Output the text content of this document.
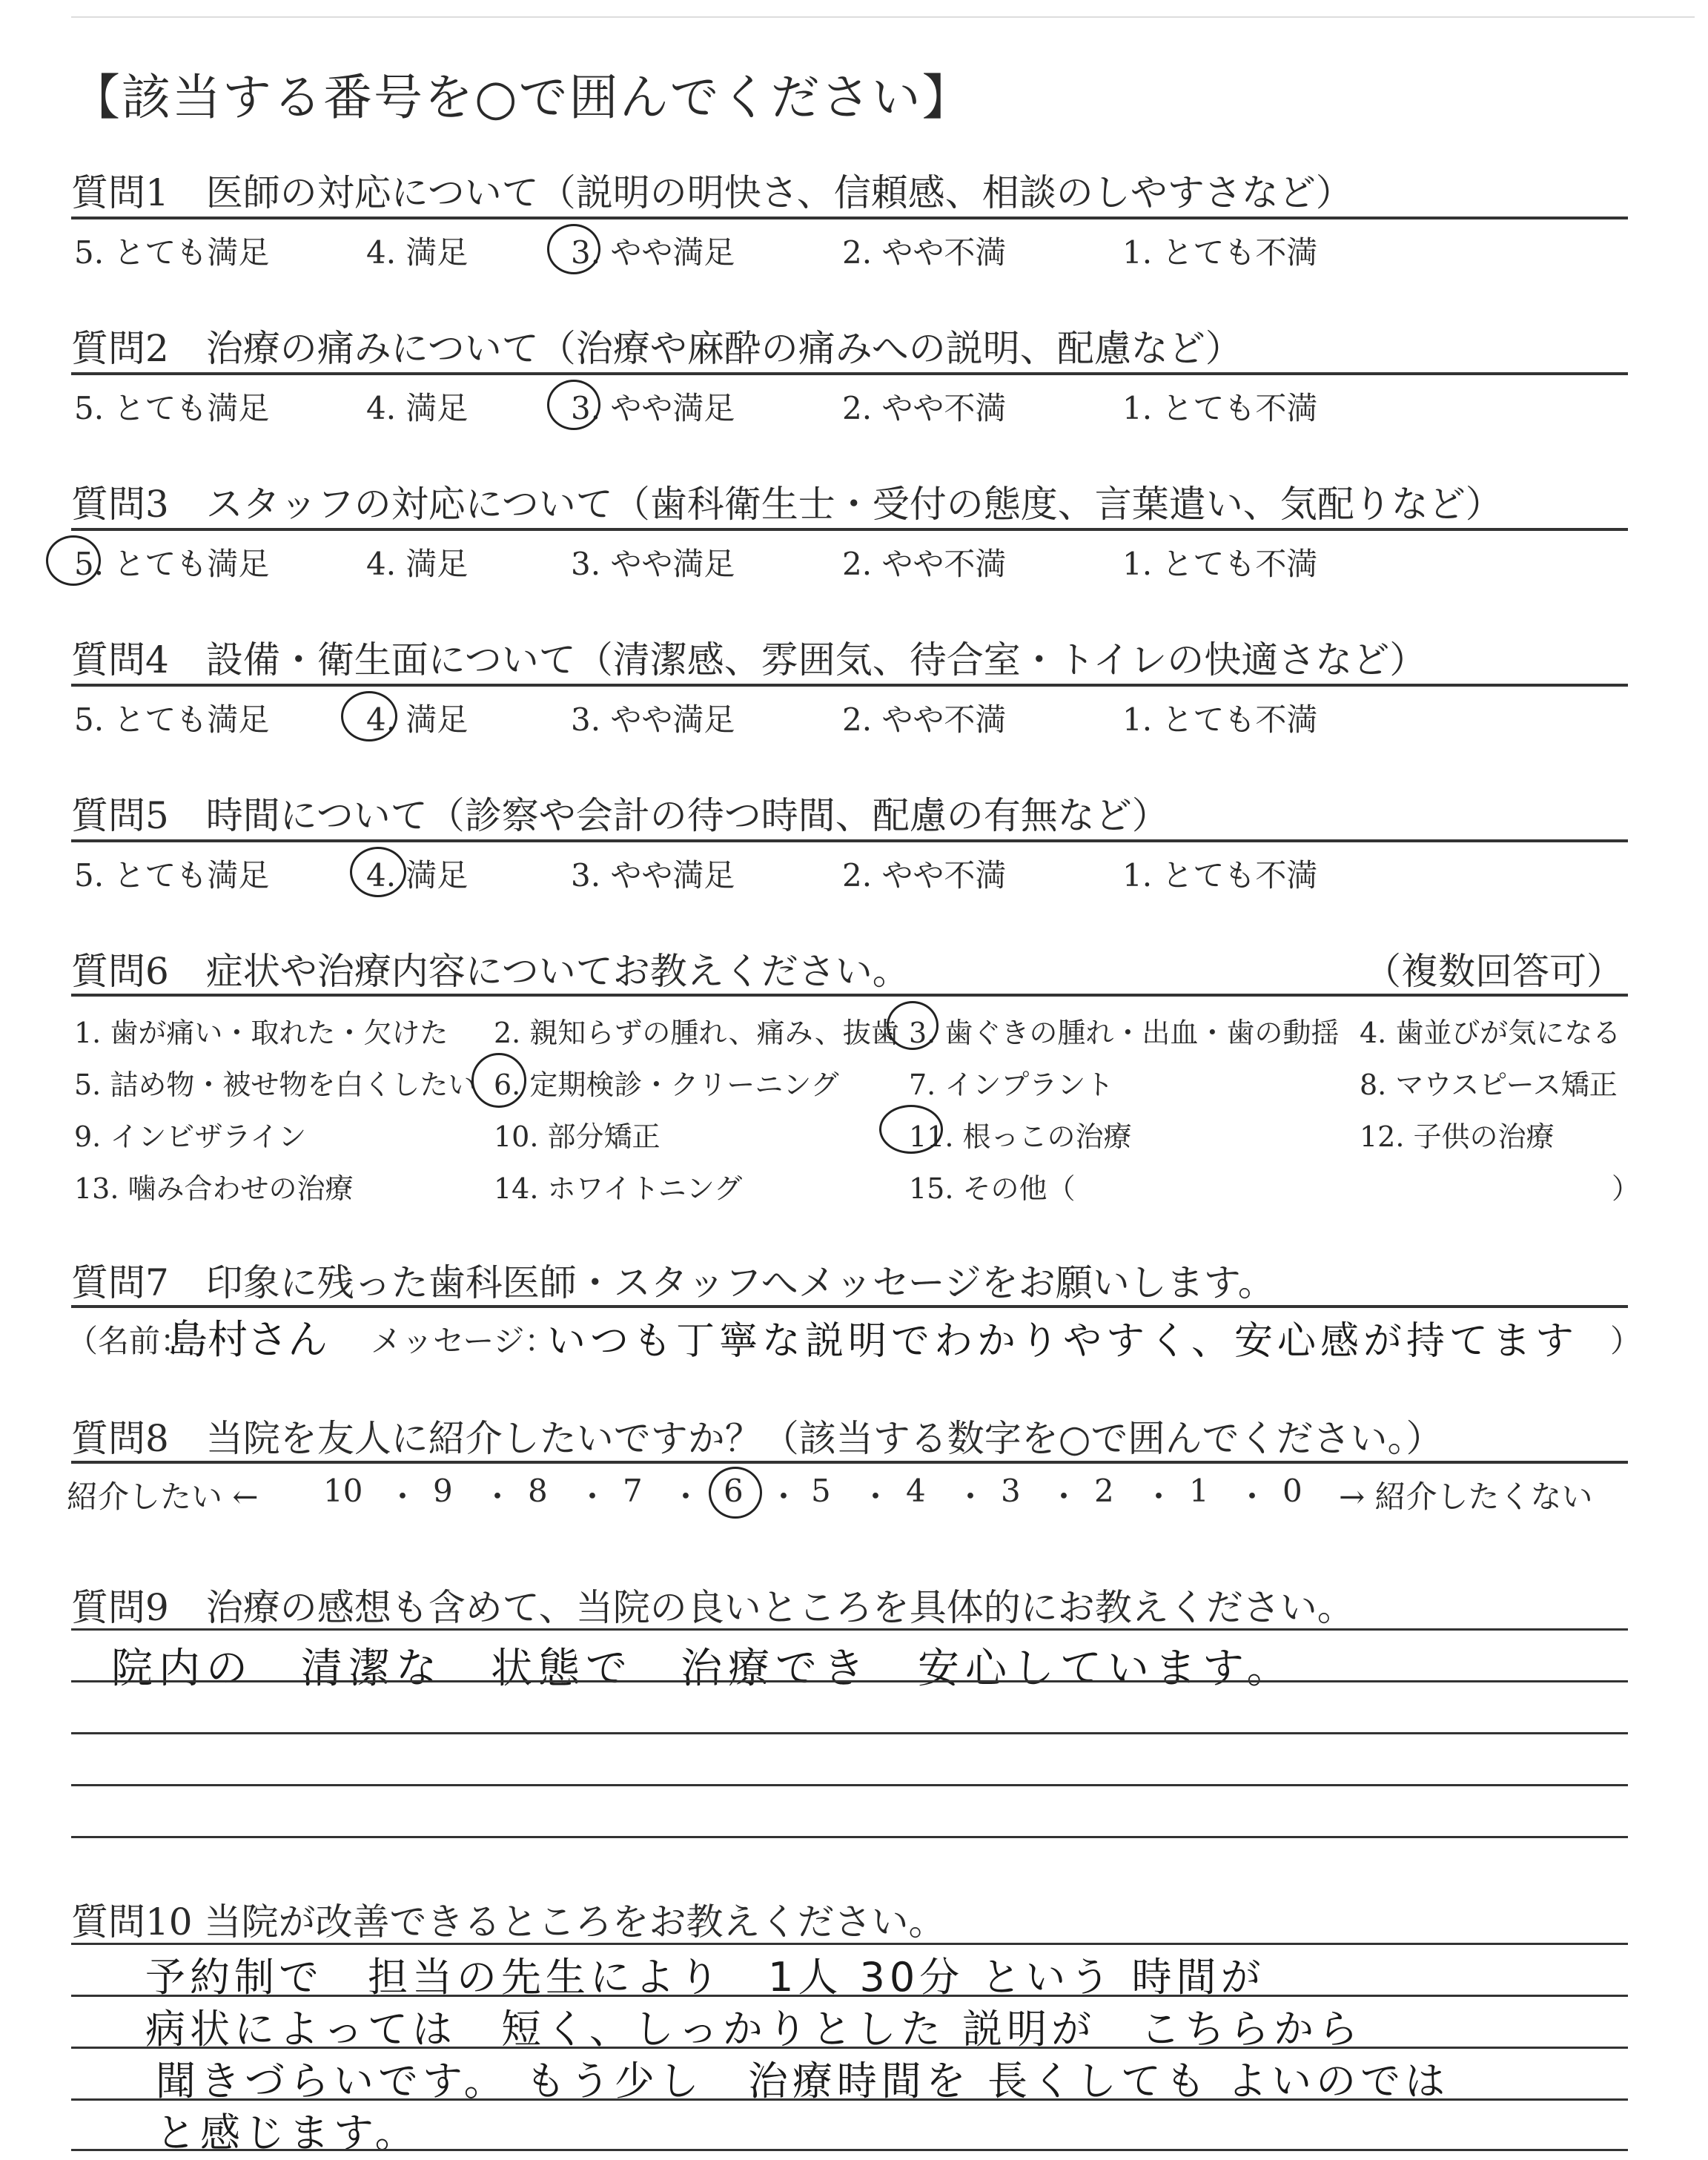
【該当する番号を○で囲んでください】
質問1　医師の対応について（説明の明快さ、信頼感、相談のしやすさなど）
5. とても満足	4. 満足	3. やや満足	2. やや不満	1. とても不満
質問2　治療の痛みについて（治療や麻酔の痛みへの説明、配慮など）
5. とても満足	4. 満足	3. やや満足	2. やや不満	1. とても不満
質問3　スタッフの対応について（歯科衛生士・受付の態度、言葉遣い、気配りなど）
5. とても満足	4. 満足	3. やや満足	2. やや不満	1. とても不満
質問4　設備・衛生面について（清潔感、雰囲気、待合室・トイレの快適さなど）
5. とても満足	4. 満足	3. やや満足	2. やや不満	1. とても不満
質問5　時間について（診察や会計の待つ時間、配慮の有無など）
5. とても満足	4. 満足	3. やや満足	2. やや不満	1. とても不満
質問6　症状や治療内容についてお教えください。	（複数回答可）
1. 歯が痛い・取れた・欠けた 2. 親知らずの腫れ、痛み、抜歯 3. 歯ぐきの腫れ・出血・歯の動揺 4. 歯並びが気になる
5. 詰め物・被せ物を白くしたい 6. 定期検診・クリーニング 7. インプラント	8. マウスピース矯正
9. インビザライン	10. 部分矯正	11. 根っこの治療	12. 子供の治療
13. 噛み合わせの治療	14. ホワイトニング	15. その他（	）
質問7　印象に残った歯科医師・スタッフへメッセージをお願いします。
（名前：
島村さん メッセージ：
いつも丁寧な説明でわかりやすく、安心感が持てます ）
質問8　当院を友人に紹介したいですか？（該当する数字を○で囲んでください。）
紹介したい ← 10 ・ 9 ・ 8 ・ 7 ・ 6 ・ 5 ・ 4 ・ 3 ・ 2 ・ 1 ・ 0 → 紹介したくない
質問9　治療の感想も含めて、当院の良いところを具体的にお教えください。
院内の　清潔な　状態で　治療でき　安心しています。
質問10 当院が改善できるところをお教えください。
予約制で　担当の先生により　1人 30分 という 時間が
病状によっては　短く、しっかりとした 説明が　こちらから
聞きづらいです。 もう少し　治療時間を 長くしても よいのでは
と感じます。
